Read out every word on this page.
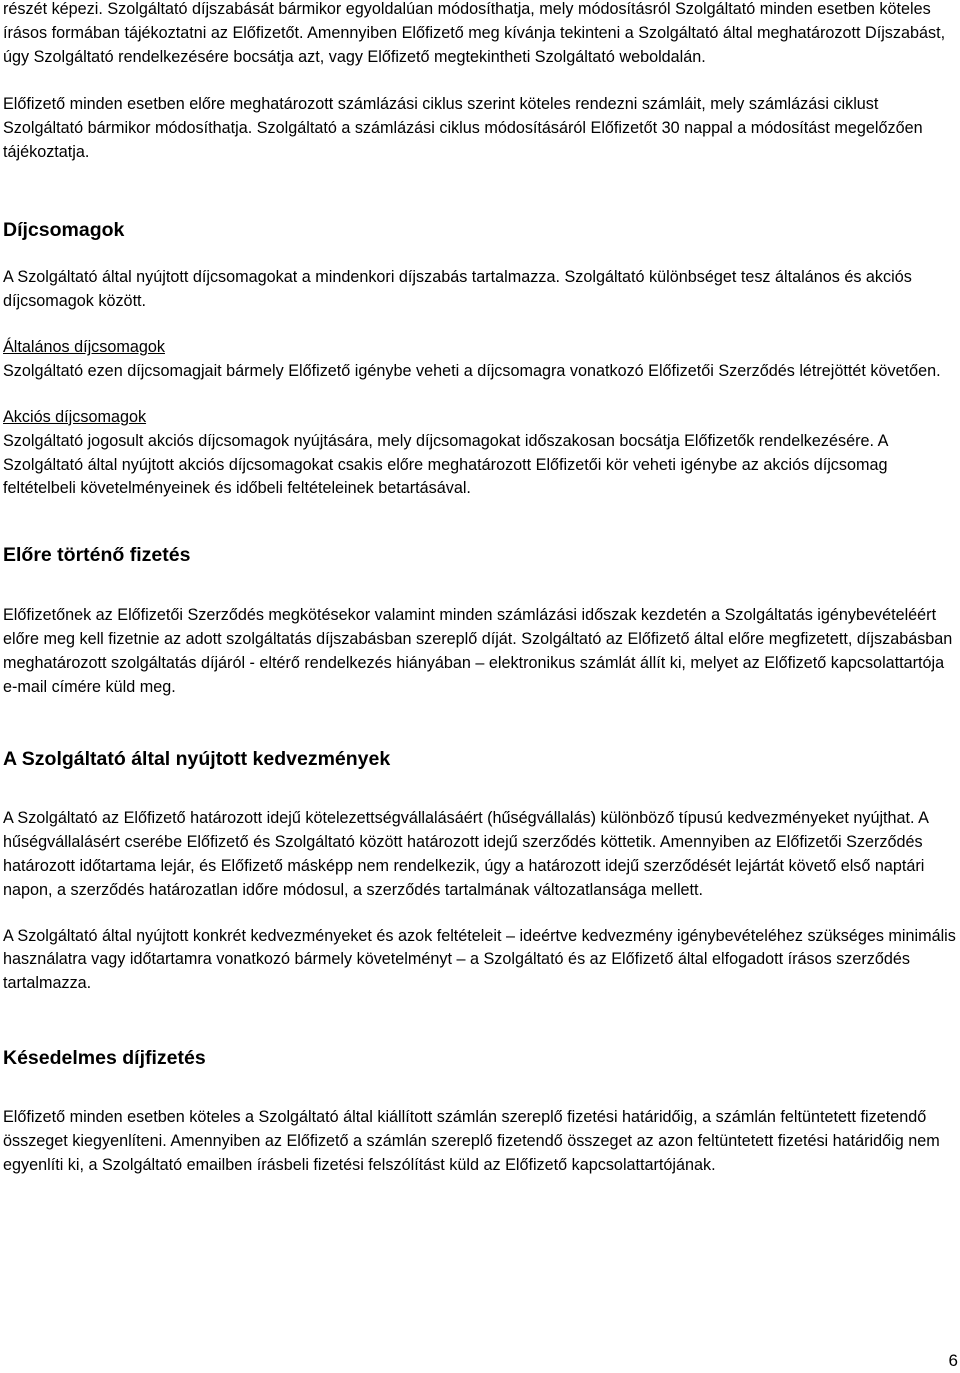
részét képezi. Szolgáltató díjszabását bármikor egyoldalúan módosíthatja, mely módosításról Szolgáltató minden esetben köteles írásos formában tájékoztatni az Előfizetőt. Amennyiben Előfizető meg kívánja tekinteni a Szolgáltató által meghatározott Díjszabást, úgy Szolgáltató rendelkezésére bocsátja azt, vagy Előfizető megtekintheti Szolgáltató weboldalán.

Előfizető minden esetben előre meghatározott számlázási ciklus szerint köteles rendezni számláit, mely számlázási ciklust Szolgáltató bármikor módosíthatja. Szolgáltató a számlázási ciklus módosításáról Előfizetőt 30 nappal a módosítást megelőzően tájékoztatja.

Díjcsomagok

A Szolgáltató által nyújtott díjcsomagokat a mindenkori díjszabás tartalmazza. Szolgáltató különbséget tesz általános és akciós díjcsomagok között.

Általános díjcsomagok

Szolgáltató ezen díjcsomagjait bármely Előfizető igénybe veheti a díjcsomagra vonatkozó Előfizetői Szerződés létrejöttét követően.

Akciós díjcsomagok

Szolgáltató jogosult akciós díjcsomagok nyújtására, mely díjcsomagokat időszakosan bocsátja Előfizetők rendelkezésére. A Szolgáltató által nyújtott akciós díjcsomagokat csakis előre meghatározott Előfizetői kör veheti igénybe az akciós díjcsomag feltételbeli követelményeinek és időbeli feltételeinek betartásával.

Előre történő fizetés

Előfizetőnek az Előfizetői Szerződés megkötésekor valamint minden számlázási időszak kezdetén a Szolgáltatás igénybevételéért előre meg kell fizetnie az adott szolgáltatás díjszabásban szereplő díját. Szolgáltató az Előfizető által előre megfizetett, díjszabásban meghatározott szolgáltatás díjáról - eltérő rendelkezés hiányában – elektronikus számlát állít ki, melyet az Előfizető kapcsolattartója e-mail címére küld meg.

A Szolgáltató által nyújtott kedvezmények

A Szolgáltató az Előfizető határozott idejű kötelezettségvállalásáért (hűségvállalás) különböző típusú kedvezményeket nyújthat. A hűségvállalásért cserébe Előfizető és Szolgáltató között határozott idejű szerződés köttetik. Amennyiben az Előfizetői Szerződés határozott időtartama lejár, és Előfizető másképp nem rendelkezik, úgy a határozott idejű szerződését lejártát követő első naptári napon, a szerződés határozatlan időre módosul, a szerződés tartalmának változatlansága mellett.

A Szolgáltató által nyújtott konkrét kedvezményeket és azok feltételeit – ideértve kedvezmény igénybevételéhez szükséges minimális használatra vagy időtartamra vonatkozó bármely követelményt – a Szolgáltató és az Előfizető által elfogadott írásos szerződés tartalmazza.

Késedelmes díjfizetés

Előfizető minden esetben köteles a Szolgáltató által kiállított számlán szereplő fizetési határidőig, a számlán feltüntetett fizetendő összeget kiegyenlíteni. Amennyiben az Előfizető a számlán szereplő fizetendő összeget az azon feltüntetett fizetési határidőig nem egyenlíti ki, a Szolgáltató emailben írásbeli fizetési felszólítást küld az Előfizető kapcsolattartójának.

6
